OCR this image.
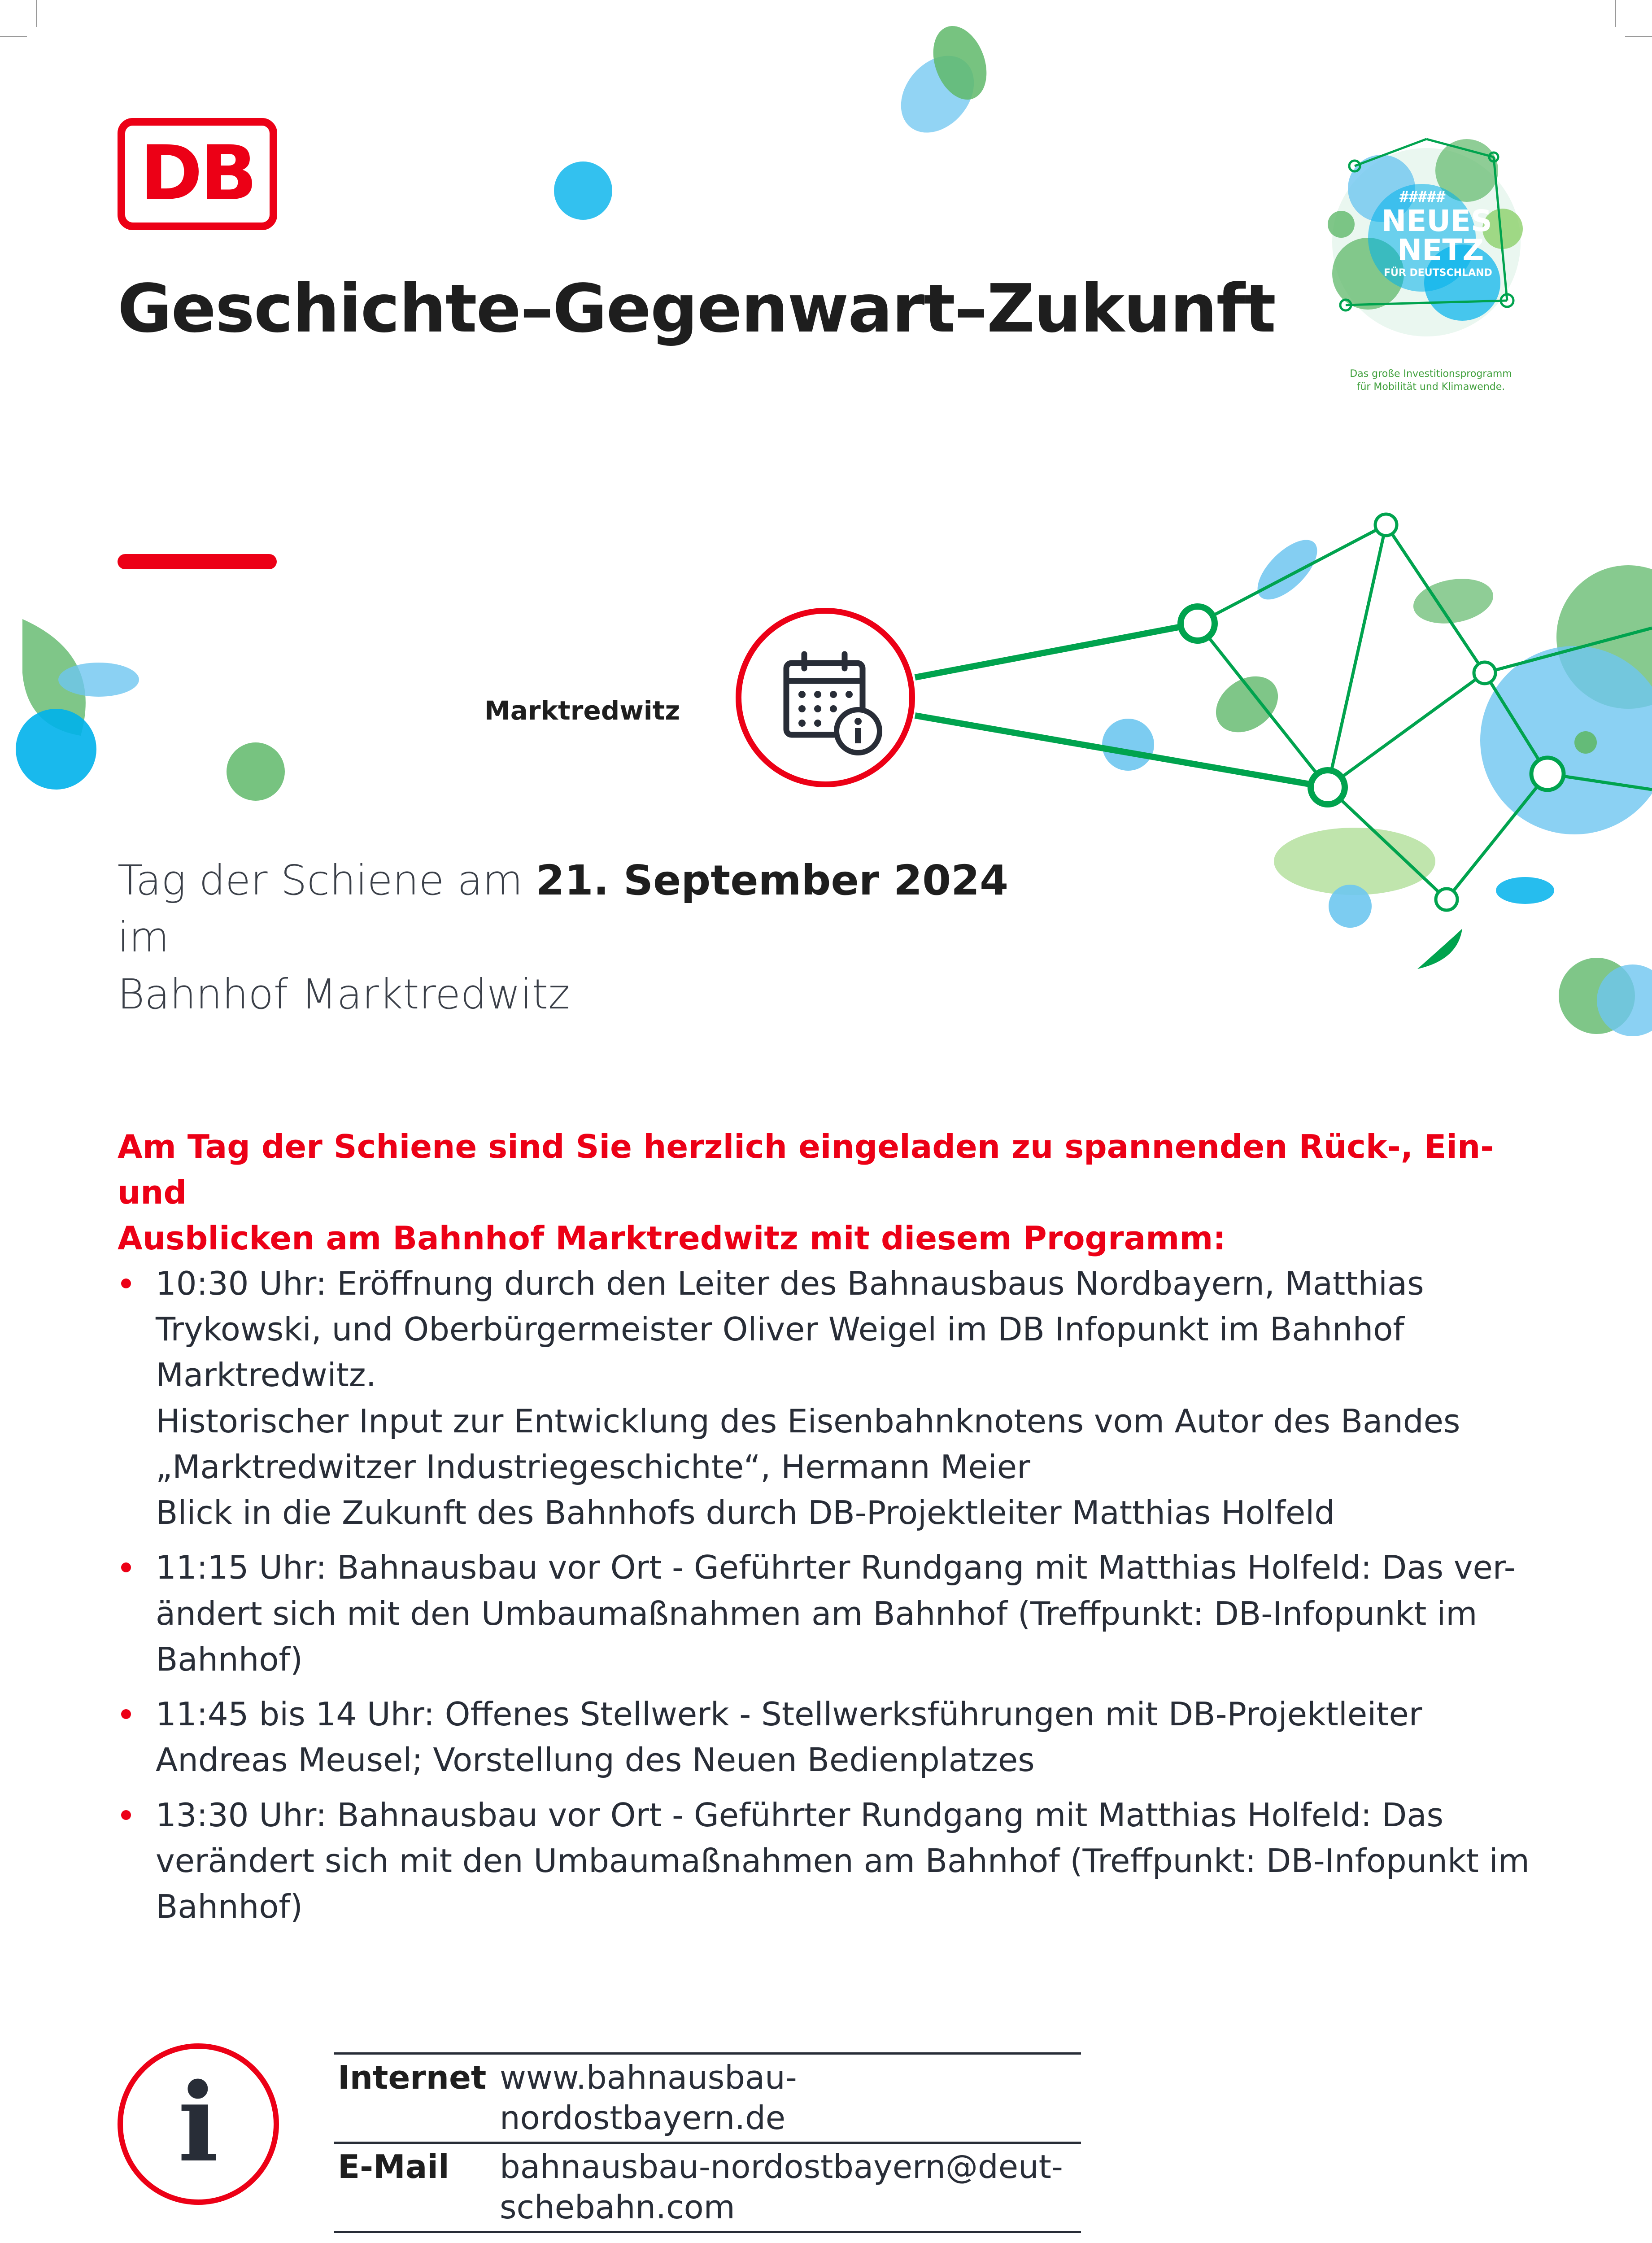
DB	#####
NEUES
NETZ
FÜR DEUTSCHLAND
Das große Investitionsprogramm
für Mobilität und Klimawende.
Geschichte–Gegenwart–Zukunft
Marktredwitz
Tag der Schiene am 21. September 2024 im
Bahnhof Marktredwitz
Am Tag der Schiene sind Sie herzlich eingeladen zu spannenden Rück-, Ein- und
Ausblicken am Bahnhof Marktredwitz mit diesem Programm:
10:30 Uhr: Eröffnung durch den Leiter des Bahnausbaus Nordbayern, Matthias
Trykowski, und Oberbürgermeister Oliver Weigel im DB Infopunkt im Bahnhof
Marktredwitz.
Historischer Input zur Entwicklung des Eisenbahnknotens vom Autor des Bandes
„Marktredwitzer Industriegeschichte“, Hermann Meier
Blick in die Zukunft des Bahnhofs durch DB-Projektleiter Matthias Holfeld
11:15 Uhr: Bahnausbau vor Ort - Geführter Rundgang mit Matthias Holfeld: Das ver-
ändert sich mit den Umbaumaßnahmen am Bahnhof (Treffpunkt: DB-Infopunkt im
Bahnhof)
11:45 bis 14 Uhr: Offenes Stellwerk - Stellwerksführungen mit DB-Projektleiter
Andreas Meusel; Vorstellung des Neuen Bedienplatzes
13:30 Uhr: Bahnausbau vor Ort - Geführter Rundgang mit Matthias Holfeld: Das
verändert sich mit den Umbaumaßnahmen am Bahnhof (Treffpunkt: DB-Infopunkt im
Bahnhof)
i	Internet	www.bahnausbau-nordostbayern.de
E-Mail	bahnausbau-nordostbayern@deut-
schebahn.com
